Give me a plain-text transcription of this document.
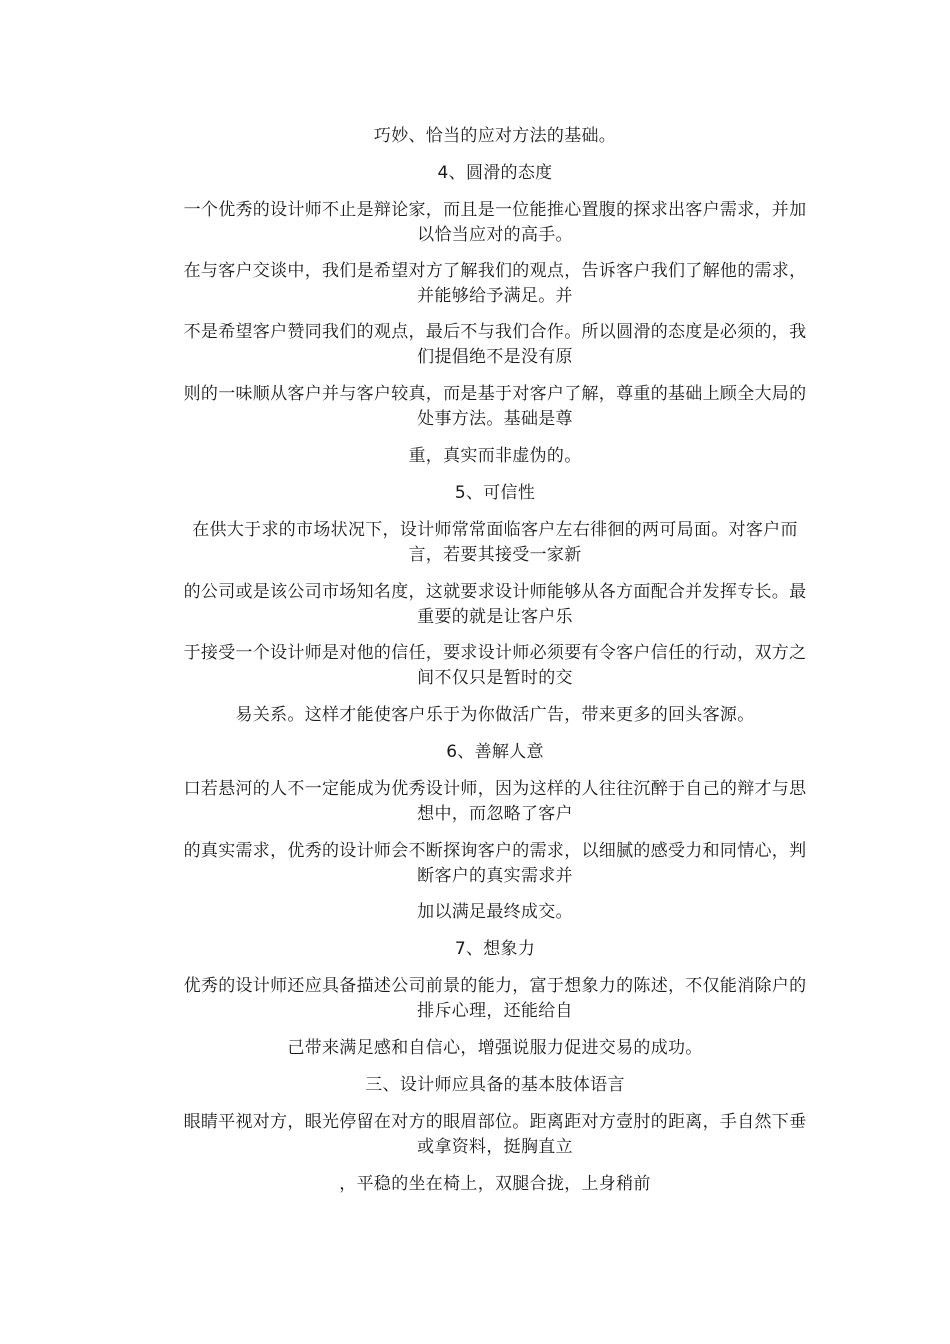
巧妙、恰当的应对方法的基础。

4、圆滑的态度

一个优秀的设计师不止是辩论家，而且是一位能推心置腹的探求出客户需求，并加以恰当应对的高手。

在与客户交谈中，我们是希望对方了解我们的观点，告诉客户我们了解他的需求，并能够给予满足。并

不是希望客户赞同我们的观点，最后不与我们合作。所以圆滑的态度是必须的，我们提倡绝不是没有原

则的一味顺从客户并与客户较真，而是基于对客户了解，尊重的基础上顾全大局的处事方法。基础是尊

重，真实而非虚伪的。

5、可信性

在供大于求的市场状况下，设计师常常面临客户左右徘徊的两可局面。对客户而言，若要其接受一家新

的公司或是该公司市场知名度，这就要求设计师能够从各方面配合并发挥专长。最重要的就是让客户乐

于接受一个设计师是对他的信任，要求设计师必须要有令客户信任的行动，双方之间不仅只是暂时的交

易关系。这样才能使客户乐于为你做活广告，带来更多的回头客源。

6、善解人意

口若悬河的人不一定能成为优秀设计师，因为这样的人往往沉醉于自己的辩才与思想中，而忽略了客户

的真实需求，优秀的设计师会不断探询客户的需求，以细腻的感受力和同情心，判断客户的真实需求并

加以满足最终成交。

7、想象力

优秀的设计师还应具备描述公司前景的能力，富于想象力的陈述，不仅能消除户的排斥心理，还能给自

己带来满足感和自信心，增强说服力促进交易的成功。

三、设计师应具备的基本肢体语言

眼睛平视对方，眼光停留在对方的眼眉部位。距离距对方壹肘的距离，手自然下垂或拿资料，挺胸直立

，平稳的坐在椅上，双腿合拢，上身稍前
